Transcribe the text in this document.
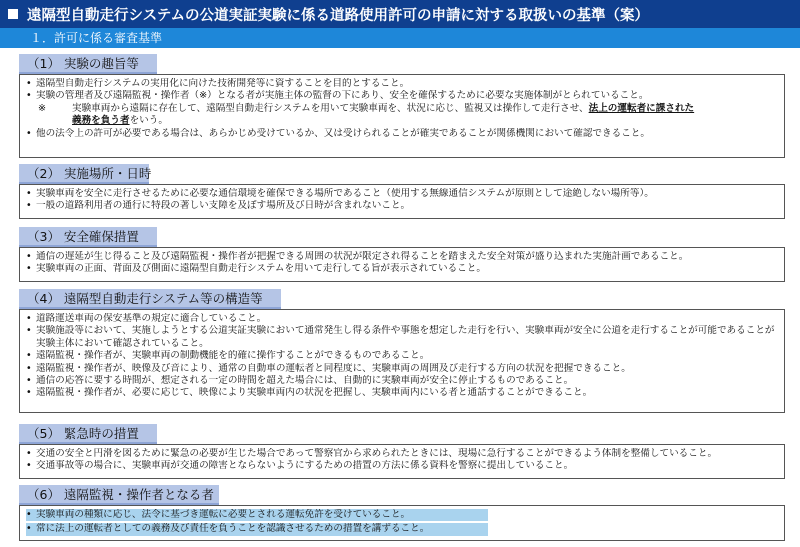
遠隔型自動走行システムの公道実証実験に係る道路使用許可の申請に対する取扱いの基準（案）
１．許可に係る審査基準
（1） 実験の趣旨等
• 遠隔型自動走行システムの実用化に向けた技術開発等に資することを目的とすること。
• 実験の管理者及び遠隔監視・操作者（※）となる者が実施主体の監督の下にあり、安全を確保するために必要な実施体制がとられていること。
※	実験車両から遠隔に存在して、遠隔型自動走行システムを用いて実験車両を、状況に応じ、監視又は操作して走行させ、法上の運転者に課された
義務を負う者をいう。
• 他の法令上の許可が必要である場合は、あらかじめ受けているか、又は受けられることが確実であることが関係機関において確認できること。
（2） 実施場所・日時
• 実験車両を安全に走行させるために必要な通信環境を確保できる場所であること（使用する無線通信システムが原則として途絶しない場所等）。
• 一般の道路利用者の通行に特段の著しい支障を及ぼす場所及び日時が含まれないこと。
（3） 安全確保措置
• 通信の遅延が生じ得ること及び遠隔監視・操作者が把握できる周囲の状況が限定され得ることを踏まえた安全対策が盛り込まれた実施計画であること。
• 実験車両の正面、背面及び側面に遠隔型自動走行システムを用いて走行してる旨が表示されていること。
（4） 遠隔型自動走行システム等の構造等
• 道路運送車両の保安基準の規定に適合していること。
• 実験施設等において、実施しようとする公道実証実験において通常発生し得る条件や事態を想定した走行を行い、実験車両が安全に公道を走行することが可能であることが実験主体において確認されていること。
• 遠隔監視・操作者が、実験車両の制動機能を的確に操作することができるものであること。
• 遠隔監視・操作者が、映像及び音により、通常の自動車の運転者と同程度に、実験車両の周囲及び走行する方向の状況を把握できること。
• 通信の応答に要する時間が、想定される一定の時間を超えた場合には、自動的に実験車両が安全に停止するものであること。
• 遠隔監視・操作者が、必要に応じて、映像により実験車両内の状況を把握し、実験車両内にいる者と通話することができること。
（5） 緊急時の措置
• 交通の安全と円滑を図るために緊急の必要が生じた場合であって警察官から求められたときには、現場に急行することができるよう体制を整備していること。
• 交通事故等の場合に、実験車両が交通の障害とならないようにするための措置の方法に係る資料を警察に提出していること。
（6） 遠隔監視・操作者となる者
• 実験車両の種類に応じ、法令に基づき運転に必要とされる運転免許を受けていること。
• 常に法上の運転者としての義務及び責任を負うことを認識させるための措置を講ずること。
